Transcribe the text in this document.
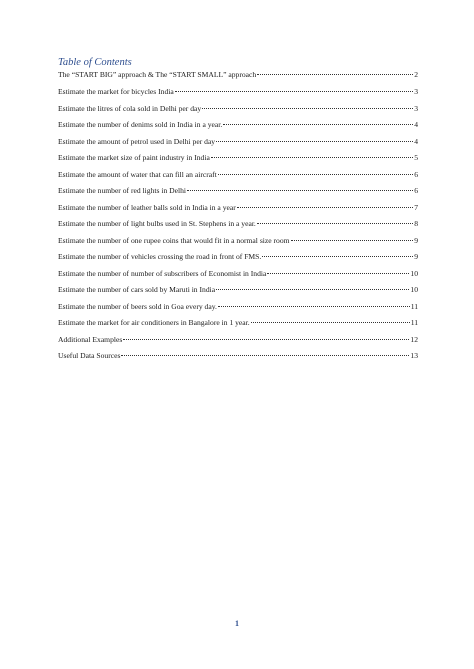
Table of Contents
The “START BIG” approach & The “START SMALL” approach	2
Estimate the market for bicycles India	3
Estimate the litres of cola sold in Delhi per day	3
Estimate the number of denims sold in India in a year.	4
Estimate the amount of petrol used in Delhi per day	4
Estimate the market size of paint industry in India	5
Estimate the amount of water that can fill an aircraft	6
Estimate the number of red lights in Delhi	6
Estimate the number of leather balls sold in India in a year	7
Estimate the number of light bulbs used in St. Stephens in a year.	8
Estimate the number of one rupee coins that would fit in a normal size room	9
Estimate the number of vehicles crossing the road in front of FMS.	9
Estimate the number of number of subscribers of Economist in India	10
Estimate the number of cars sold by Maruti in India	10
Estimate the number of beers sold in Goa every day.	11
Estimate the market for air conditioners in Bangalore in 1 year.	11
Additional Examples	12
Useful Data Sources	13
1
